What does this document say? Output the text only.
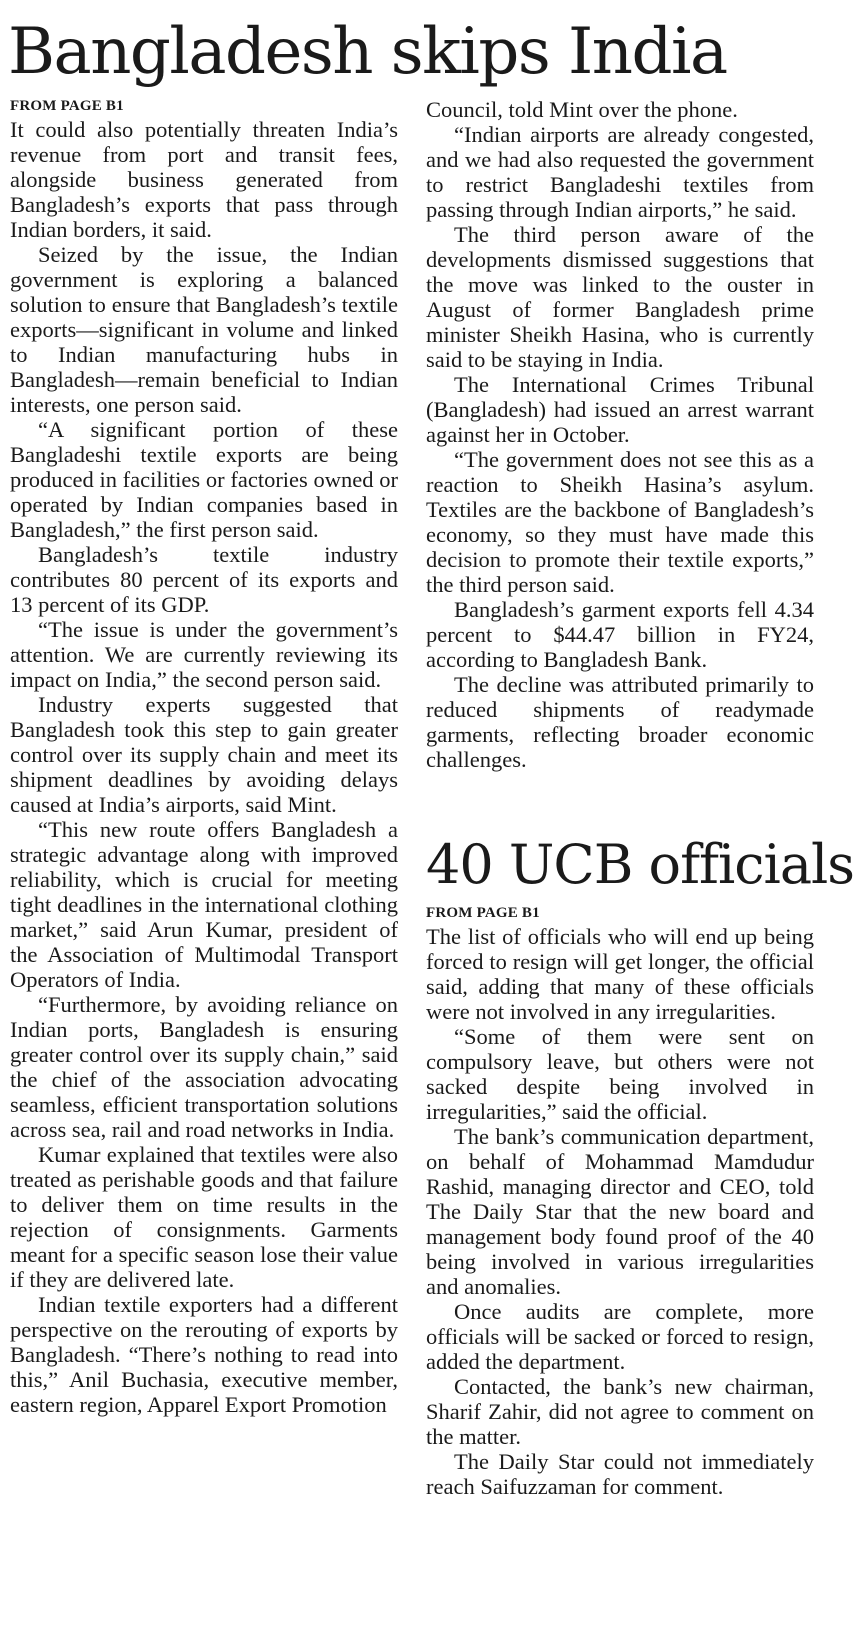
Bangladesh skips India
FROM PAGE B1

It could also potentially threaten India’s revenue from port and transit fees, alongside business generated from Bangladesh’s exports that pass through Indian borders, it said.

Seized by the issue, the Indian government is exploring a balanced solution to ensure that Bangladesh’s textile exports—significant in volume and linked to Indian manufacturing hubs in Bangladesh—remain beneficial to Indian interests, one person said.

“A significant portion of these Bangladeshi textile exports are being produced in facilities or factories owned or operated by Indian companies based in Bangladesh,” the first person said.

Bangladesh’s textile industry contributes 80 percent of its exports and 13 percent of its GDP.

“The issue is under the government’s attention. We are currently reviewing its impact on India,” the second person said.

Industry experts suggested that Bangladesh took this step to gain greater control over its supply chain and meet its shipment deadlines by avoiding delays caused at India’s airports, said Mint.

“This new route offers Bangladesh a strategic advantage along with improved reliability, which is crucial for meeting tight deadlines in the international clothing market,” said Arun Kumar, president of the Association of Multimodal Transport Operators of India.

“Furthermore, by avoiding reliance on Indian ports, Bangladesh is ensuring greater control over its supply chain,” said the chief of the association advocating seamless, efficient transportation solutions across sea, rail and road networks in India.

Kumar explained that textiles were also treated as perishable goods and that failure to deliver them on time results in the rejection of consignments. Garments meant for a specific season lose their value if they are delivered late.

Indian textile exporters had a different perspective on the rerouting of exports by Bangladesh. “There’s nothing to read into this,” Anil Buchasia, executive member, eastern region, Apparel Export Promotion

Council, told Mint over the phone.

“Indian airports are already congested, and we had also requested the government to restrict Bangladeshi textiles from passing through Indian airports,” he said.

The third person aware of the developments dismissed suggestions that the move was linked to the ouster in August of former Bangladesh prime minister Sheikh Hasina, who is currently said to be staying in India.

The International Crimes Tribunal (Bangladesh) had issued an arrest warrant against her in October.

“The government does not see this as a reaction to Sheikh Hasina’s asylum. Textiles are the backbone of Bangladesh’s economy, so they must have made this decision to promote their textile exports,” the third person said.

Bangladesh’s garment exports fell 4.34 percent to $44.47 billion in FY24, according to Bangladesh Bank.

The decline was attributed primarily to reduced shipments of readymade garments, reflecting broader economic challenges.

40 UCB officials
FROM PAGE B1

The list of officials who will end up being forced to resign will get longer, the official said, adding that many of these officials were not involved in any irregularities.

“Some of them were sent on compulsory leave, but others were not sacked despite being involved in irregularities,” said the official.

The bank’s communication department, on behalf of Mohammad Mamdudur Rashid, managing director and CEO, told The Daily Star that the new board and management body found proof of the 40 being involved in various irregularities and anomalies.

Once audits are complete, more officials will be sacked or forced to resign, added the department.

Contacted, the bank’s new chairman, Sharif Zahir, did not agree to comment on the matter.

The Daily Star could not immediately reach Saifuzzaman for comment.
